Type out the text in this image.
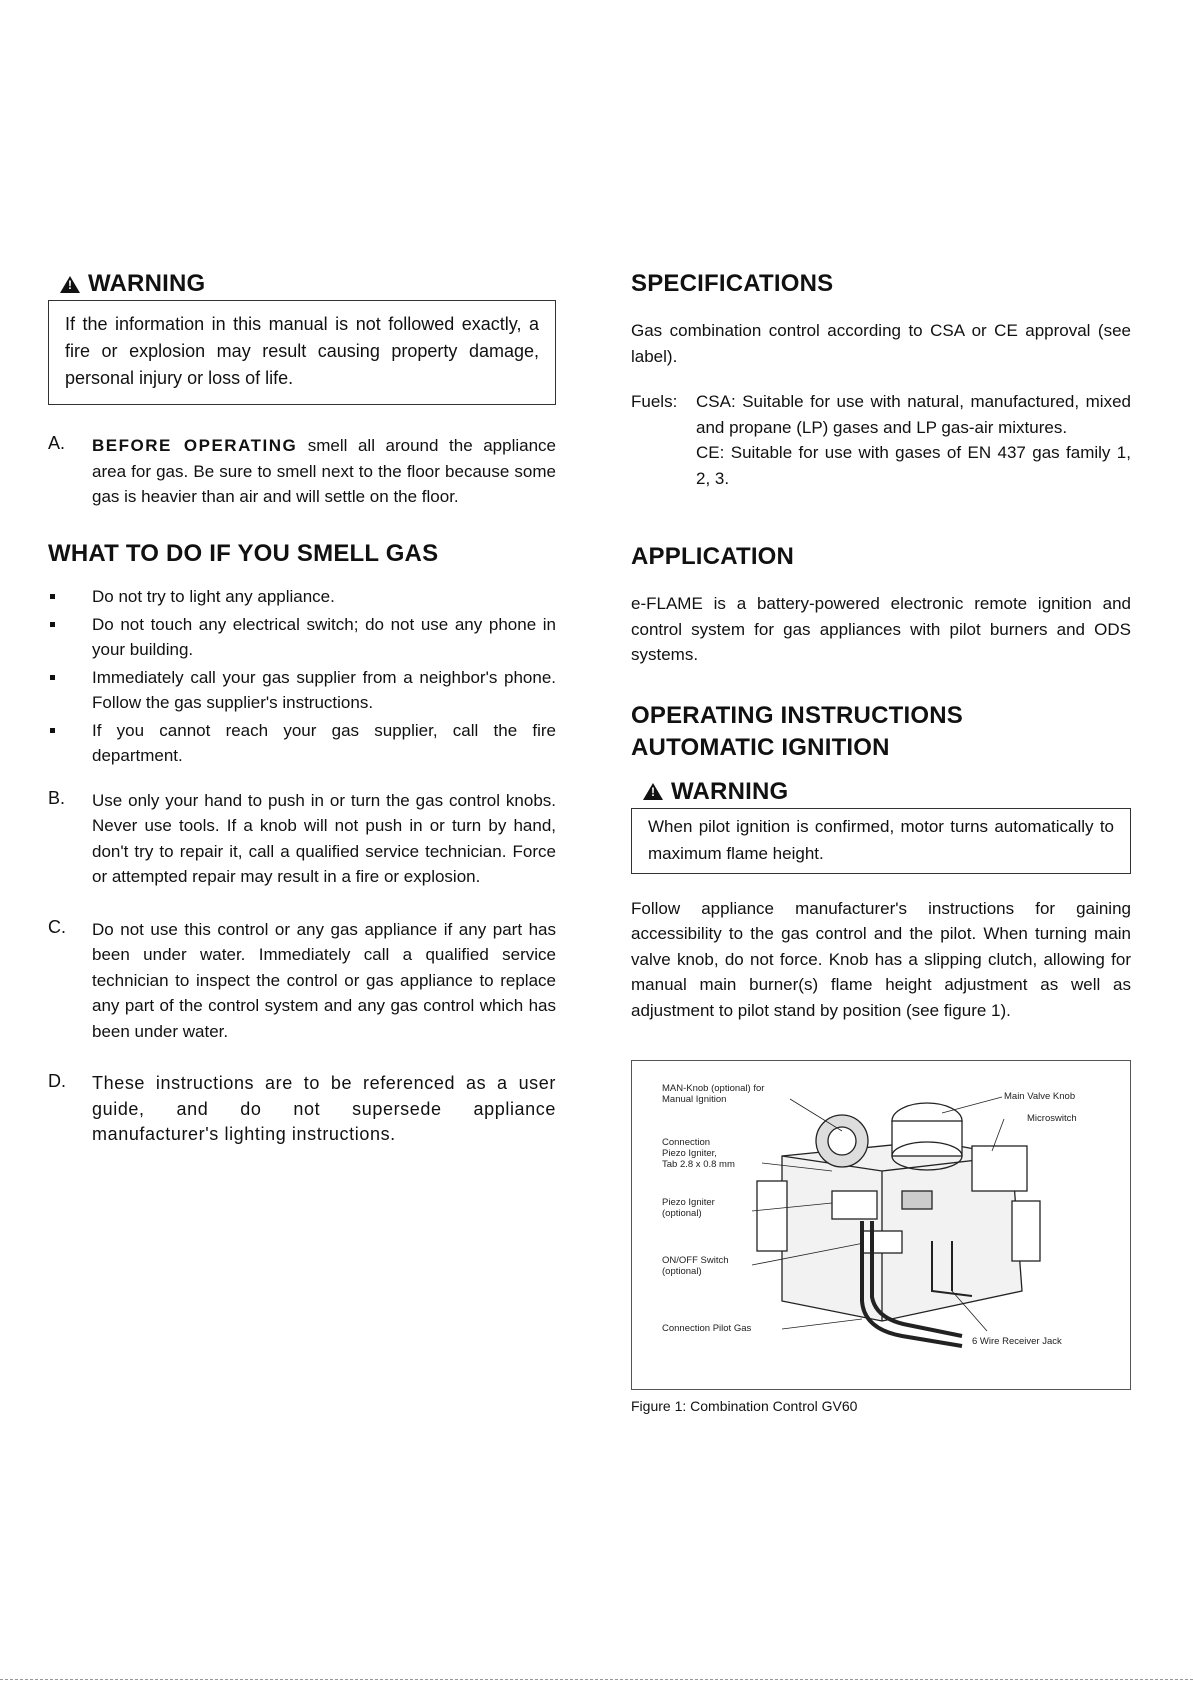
!
WARNING

If the information in this manual is not followed exactly, a fire or explosion may result causing property damage, personal injury or loss of life.

A.	BEFORE OPERATING smell all around the appliance area for gas. Be sure to smell next to the floor because some gas is heavier than air and will settle on the floor.
WHAT TO DO IF YOU SMELL GAS
Do not try to light any appliance.
Do not touch any electrical switch; do not use any phone in your building.
Immediately call your gas supplier from a neighbor's phone. Follow the gas supplier's instructions.
If you cannot reach your gas supplier, call the fire department.
B.	Use only your hand to push in or turn the gas control knobs. Never use tools. If a knob will not push in or turn by hand, don't try to repair it, call a qualified service technician. Force or attempted repair may result in a fire or explosion.
C.	Do not use this control or any gas appliance if any part has been under water. Immediately call a qualified service technician to inspect the control or gas appliance to replace any part of the control system and any gas control which has been under water.
D.	These instructions are to be referenced as a user guide, and do not supersede appliance manufacturer's lighting instructions.
SPECIFICATIONS

Gas combination control according to CSA or CE approval (see label).

Fuels:	CSA: Suitable for use with natural, manufactured, mixed and propane (LP) gases and LP gas-air mixtures.

CE: Suitable for use with gases of EN 437 gas family 1, 2, 3.

APPLICATION

e-FLAME is a battery-powered electronic remote ignition and control system for gas appliances with pilot burners and ODS systems.

OPERATING INSTRUCTIONS
AUTOMATIC IGNITION
!
WARNING

When pilot ignition is confirmed, motor turns automatically to maximum flame height.

Follow appliance manufacturer's instructions for gaining accessibility to the gas control and the pilot. When turning main valve knob, do not force. Knob has a slipping clutch, allowing for manual main burner(s) flame height adjustment as well as adjustment to pilot stand by position (see figure 1).

MAN-Knob (optional) for
Manual Ignition
Connection
Piezo Igniter,
Tab 2.8 x 0.8 mm
Piezo Igniter
(optional)
ON/OFF Switch
(optional)
Connection Pilot Gas
Main Valve Knob
Microswitch
6 Wire Receiver Jack
Figure 1: Combination Control GV60
